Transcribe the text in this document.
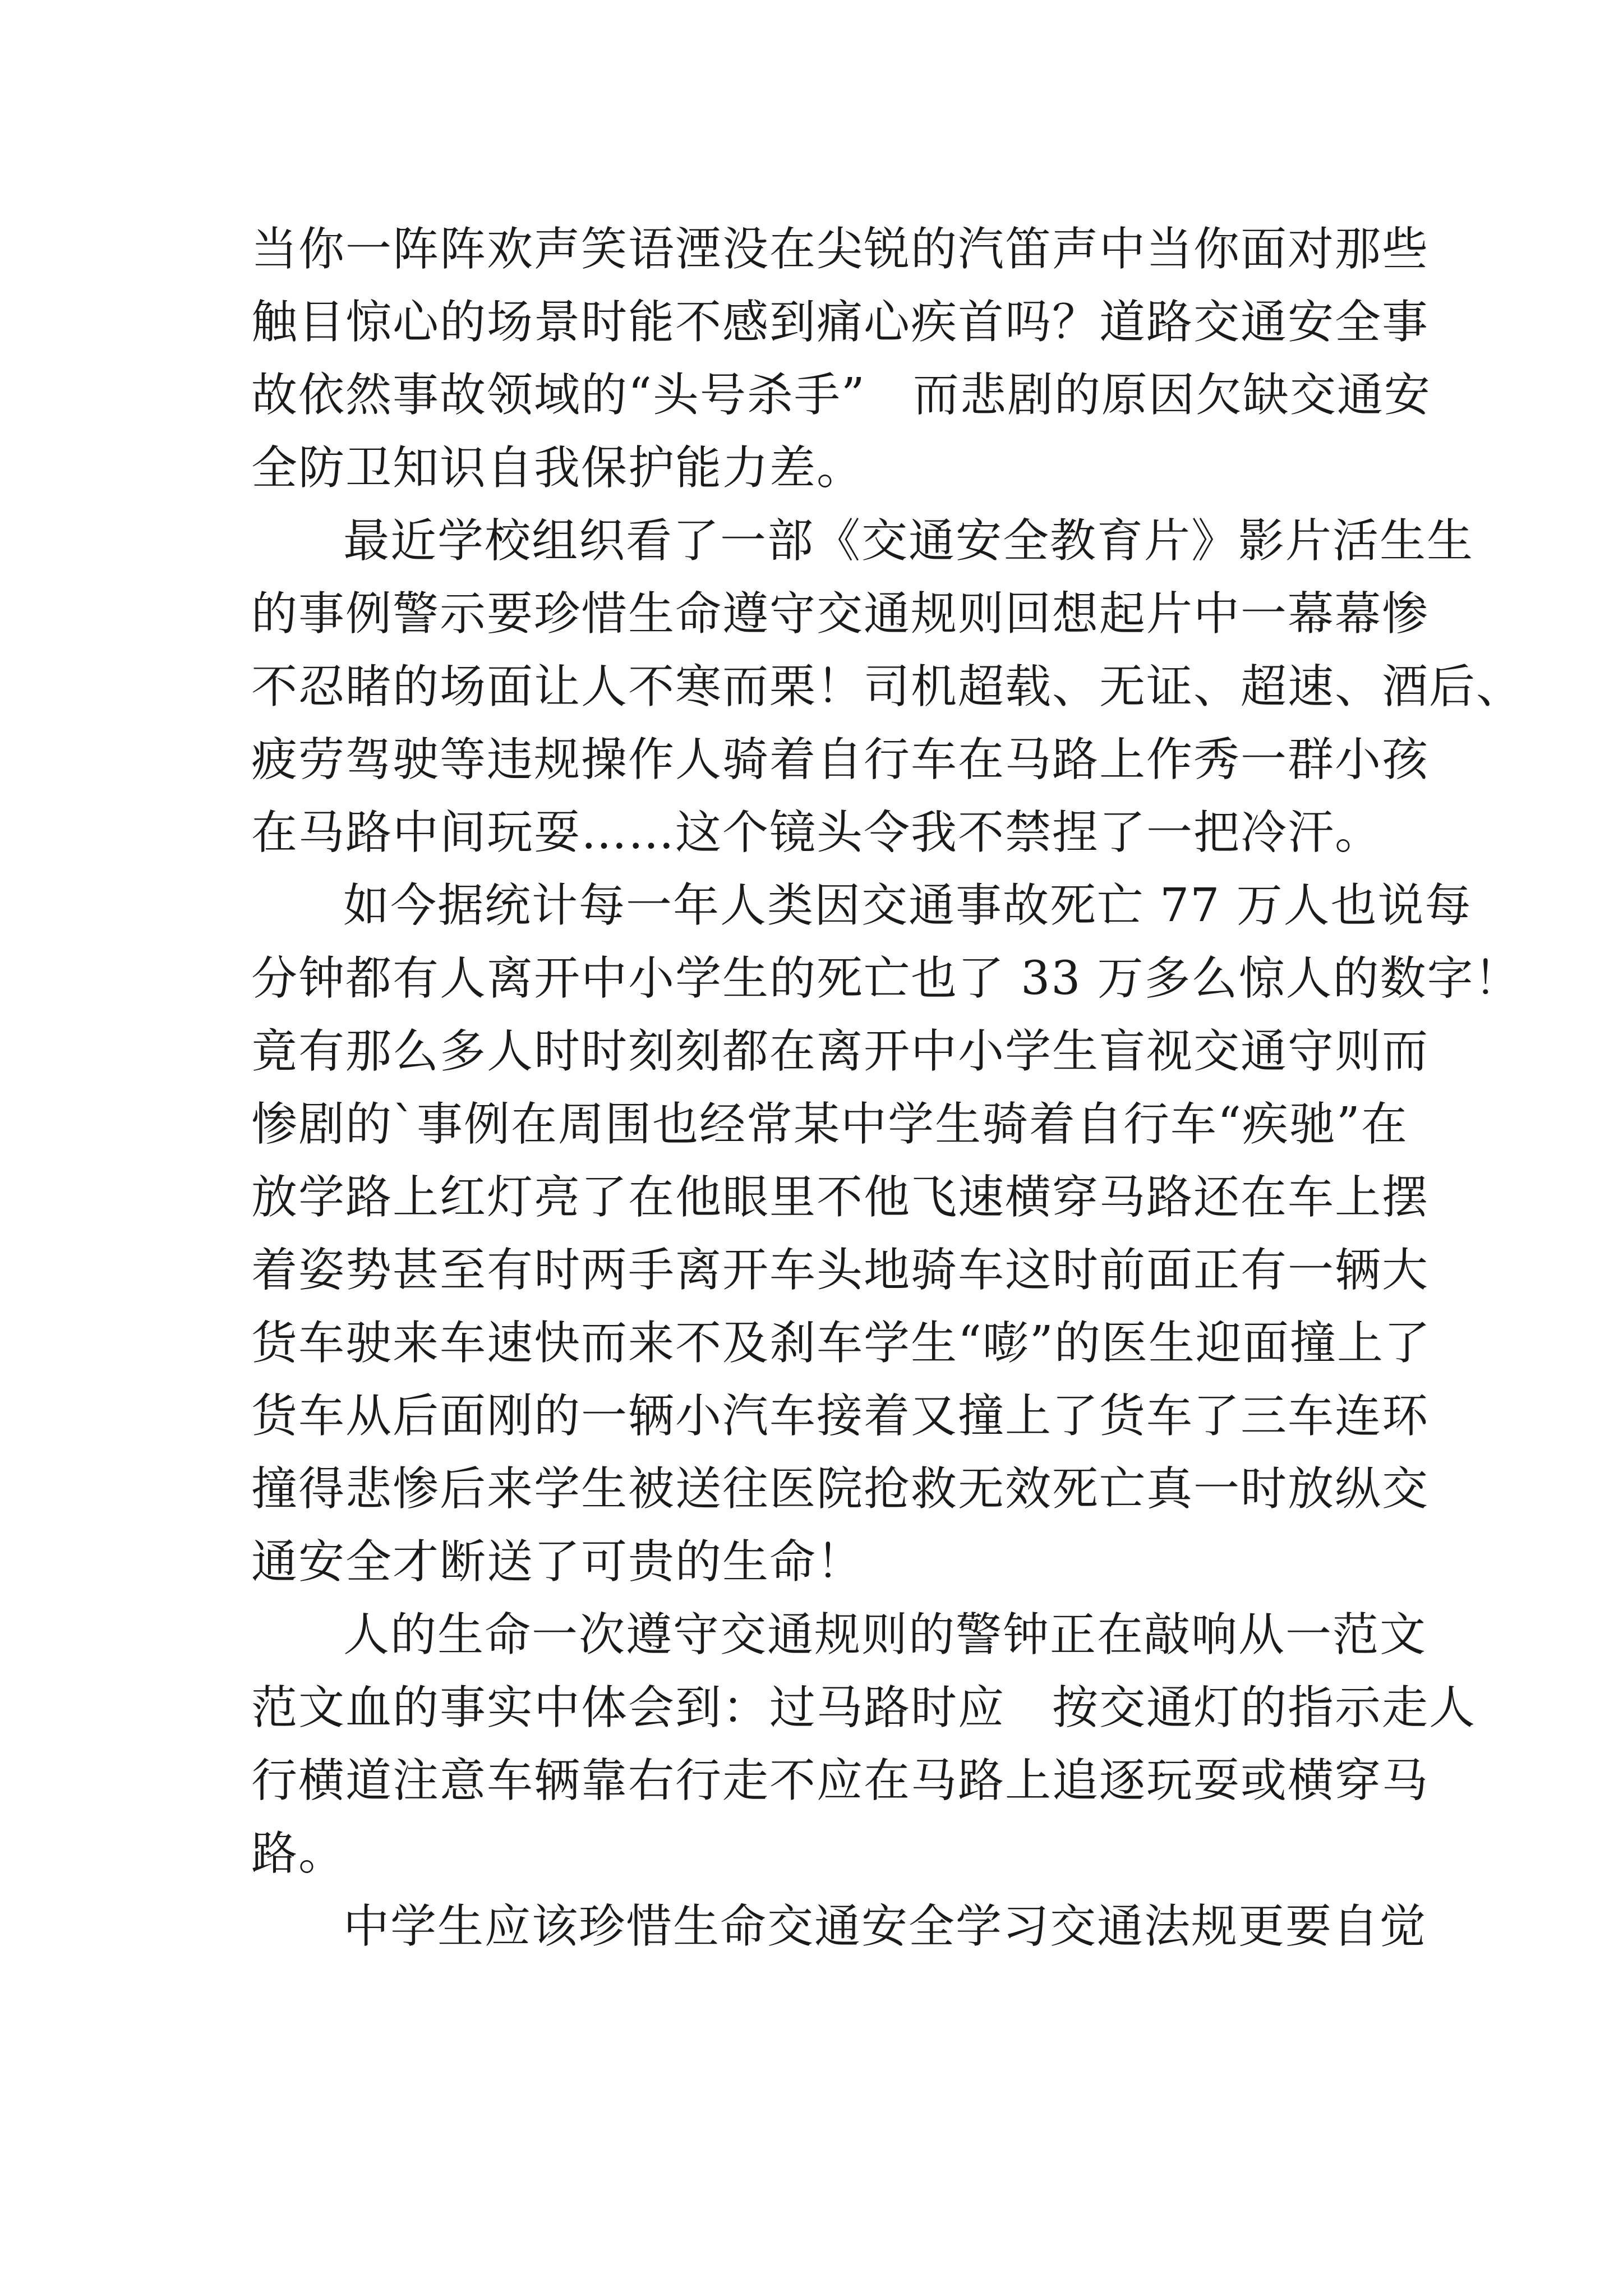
当你一阵阵欢声笑语湮没在尖锐的汽笛声中当你面对那些
触目惊心的场景时能不感到痛心疾首吗？道路交通安全事
故依然事故领域的“头号杀手”　而悲剧的原因欠缺交通安
全防卫知识自我保护能力差。
最近学校组织看了一部《交通安全教育片》影片活生生
的事例警示要珍惜生命遵守交通规则回想起片中一幕幕惨
不忍睹的场面让人不寒而栗！司机超载、无证、超速、酒后、
疲劳驾驶等违规操作人骑着自行车在马路上作秀一群小孩
在马路中间玩耍……这个镜头令我不禁捏了一把冷汗。
如今据统计每一年人类因交通事故死亡 77 万人也说每
分钟都有人离开中小学生的死亡也了 33 万多么惊人的数字！
竟有那么多人时时刻刻都在离开中小学生盲视交通守则而
惨剧的`事例在周围也经常某中学生骑着自行车“疾驰”在
放学路上红灯亮了在他眼里不他飞速横穿马路还在车上摆
着姿势甚至有时两手离开车头地骑车这时前面正有一辆大
货车驶来车速快而来不及刹车学生“嘭”的医生迎面撞上了
货车从后面刚的一辆小汽车接着又撞上了货车了三车连环
撞得悲惨后来学生被送往医院抢救无效死亡真一时放纵交
通安全才断送了可贵的生命！
人的生命一次遵守交通规则的警钟正在敲响从一范文
范文血的事实中体会到：过马路时应　按交通灯的指示走人
行横道注意车辆靠右行走不应在马路上追逐玩耍或横穿马
路。
中学生应该珍惜生命交通安全学习交通法规更要自觉
